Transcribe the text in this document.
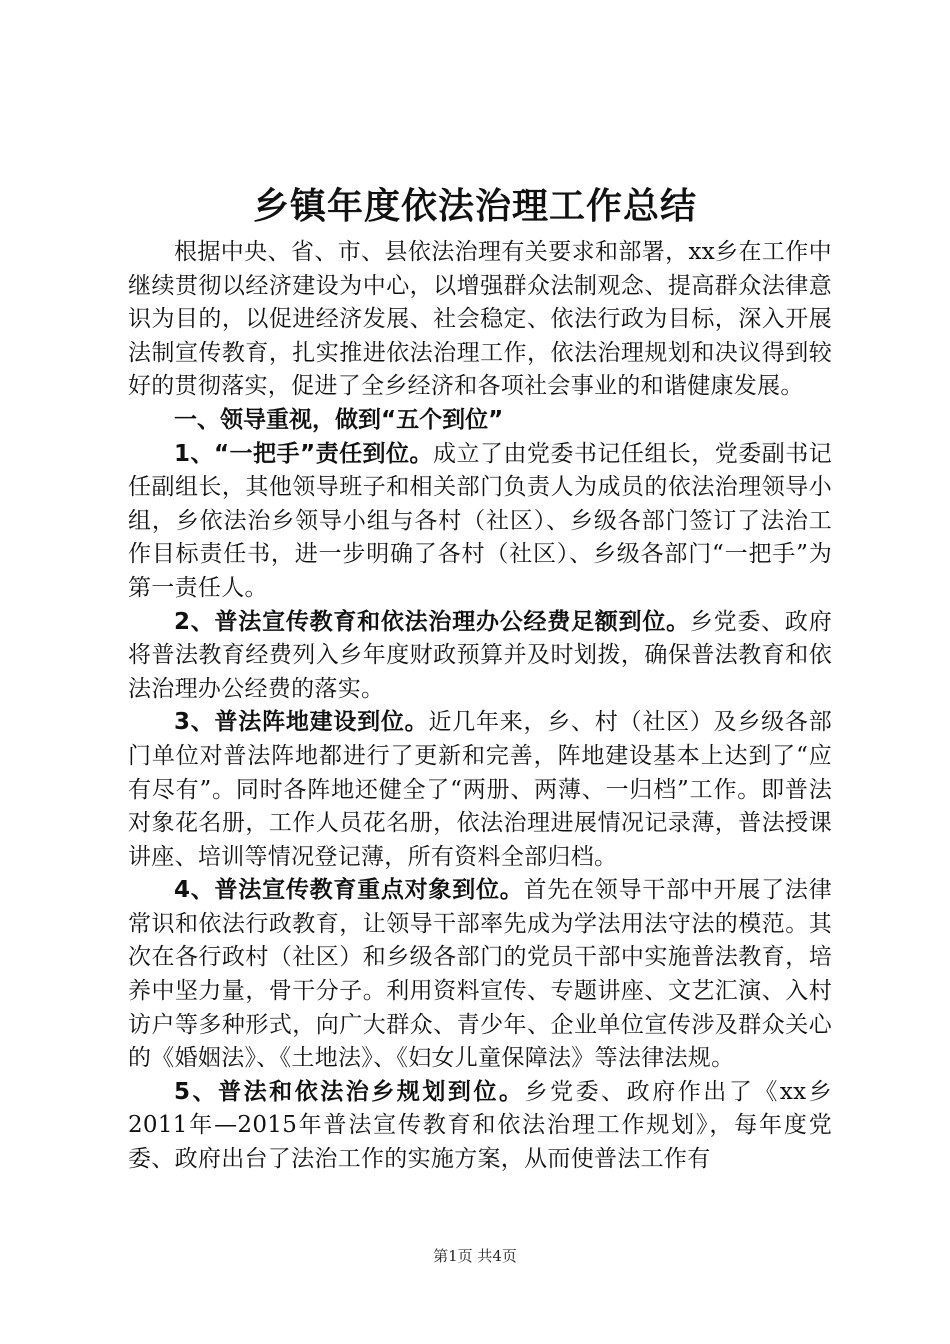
乡镇年度依法治理工作总结

根据中央、省、市、县依法治理有关要求和部署，xx乡在工作中继续贯彻以经济建设为中心，以增强群众法制观念、提高群众法律意识为目的，以促进经济发展、社会稳定、依法行政为目标，深入开展法制宣传教育，扎实推进依法治理工作，依法治理规划和决议得到较好的贯彻落实，促进了全乡经济和各项社会事业的和谐健康发展。

一、领导重视，做到“五个到位”

1、“一把手”责任到位。成立了由党委书记任组长，党委副书记任副组长，其他领导班子和相关部门负责人为成员的依法治理领导小组，乡依法治乡领导小组与各村（社区）、乡级各部门签订了法治工作目标责任书，进一步明确了各村（社区）、乡级各部门“一把手”为第一责任人。

2、普法宣传教育和依法治理办公经费足额到位。乡党委、政府将普法教育经费列入乡年度财政预算并及时划拨，确保普法教育和依法治理办公经费的落实。

3、普法阵地建设到位。近几年来，乡、村（社区）及乡级各部门单位对普法阵地都进行了更新和完善，阵地建设基本上达到了“应有尽有”。同时各阵地还健全了“两册、两薄、一归档”工作。即普法对象花名册，工作人员花名册，依法治理进展情况记录薄，普法授课讲座、培训等情况登记薄，所有资料全部归档。

4、普法宣传教育重点对象到位。首先在领导干部中开展了法律常识和依法行政教育，让领导干部率先成为学法用法守法的模范。其次在各行政村（社区）和乡级各部门的党员干部中实施普法教育，培养中坚力量，骨干分子。利用资料宣传、专题讲座、文艺汇演、入村访户等多种形式，向广大群众、青少年、企业单位宣传涉及群众关心的《婚姻法》、《土地法》、《妇女儿童保障法》等法律法规。

5、普法和依法治乡规划到位。乡党委、政府作出了《xx乡2011年—2015年普法宣传教育和依法治理工作规划》，每年度党委、政府出台了法治工作的实施方案，从而使普法工作有

第1页 共4页
